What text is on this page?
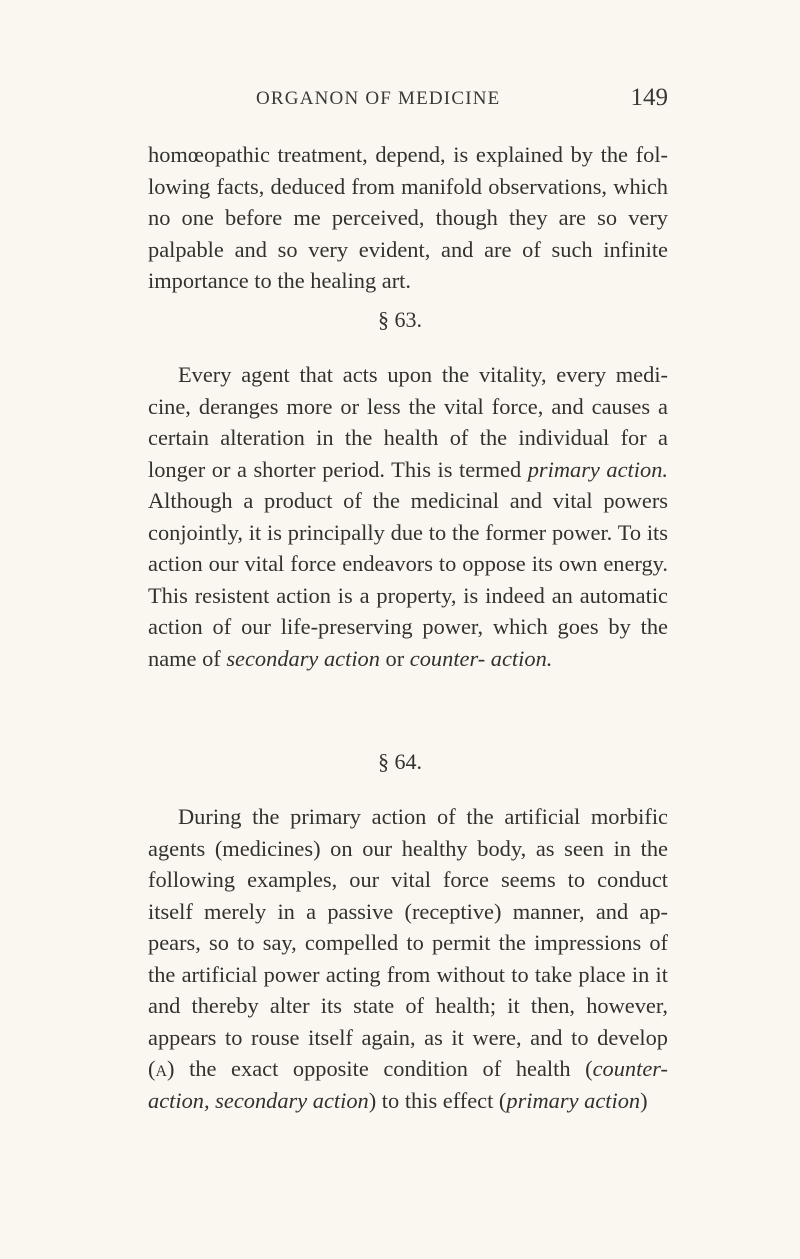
ORGANON OF MEDICINE	149

homœopathic treatment, depend, is explained by the fol- lowing facts, deduced from manifold observations, which no one before me perceived, though they are so very palpable and so very evident, and are of such infinite importance to the healing art.

§ 63.

Every agent that acts upon the vitality, every medi- cine, deranges more or less the vital force, and causes a certain alteration in the health of the individual for a longer or a shorter period. This is termed primary action. Although a product of the medicinal and vital powers conjointly, it is principally due to the former power. To its action our vital force endeavors to oppose its own energy. This resistent action is a property, is indeed an automatic action of our life-preserving power, which goes by the name of secondary action or counter- action.

§ 64.

During the primary action of the artificial morbific agents (medicines) on our healthy body, as seen in the following examples, our vital force seems to conduct itself merely in a passive (receptive) manner, and ap- pears, so to say, compelled to permit the impressions of the artificial power acting from without to take place in it and thereby alter its state of health; it then, however, appears to rouse itself again, as it were, and to develop (a) the exact opposite condition of health (counter- action, secondary action) to this effect (primary action)
